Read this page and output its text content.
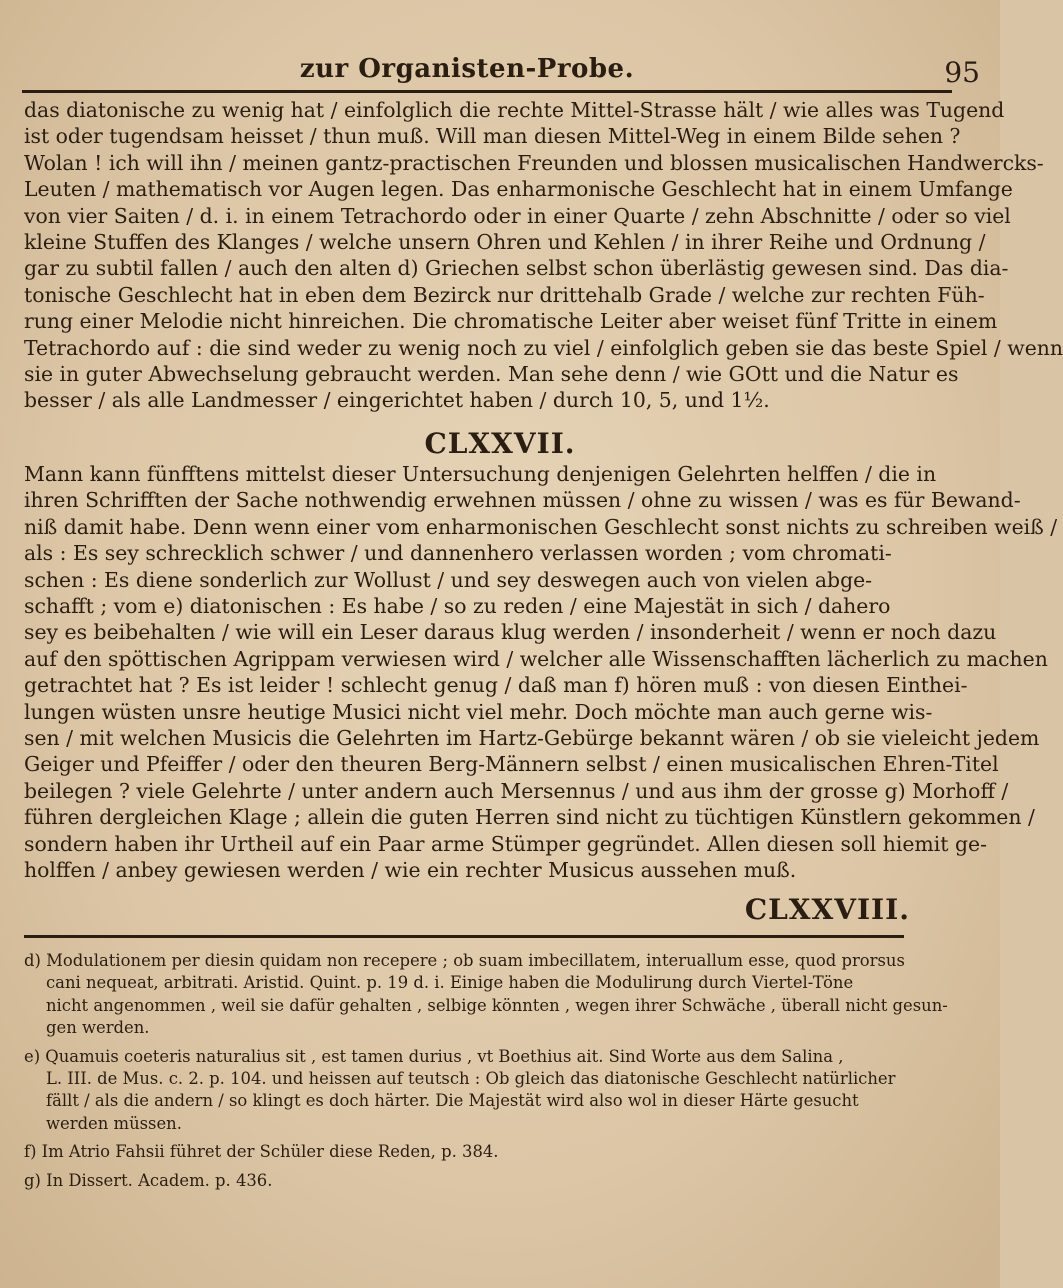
zur Organisten-Probe.	95
das diatonische zu wenig hat / einfolglich die rechte Mittel-Strasse hält / wie alles was Tugend
ist oder tugendsam heisset / thun muß. Will man diesen Mittel-Weg in einem Bilde sehen ?
Wolan ! ich will ihn / meinen gantz-practischen Freunden und blossen musicalischen Handwercks-
Leuten / mathematisch vor Augen legen. Das enharmonische Geschlecht hat in einem Umfange
von vier Saiten / d. i. in einem Tetrachordo oder in einer Quarte / zehn Abschnitte / oder so viel
kleine Stuffen des Klanges / welche unsern Ohren und Kehlen / in ihrer Reihe und Ordnung /
gar zu subtil fallen / auch den alten d) Griechen selbst schon überlästig gewesen sind. Das dia-
tonische Geschlecht hat in eben dem Bezirck nur drittehalb Grade / welche zur rechten Füh-
rung einer Melodie nicht hinreichen. Die chromatische Leiter aber weiset fünf Tritte in einem
Tetrachordo auf : die sind weder zu wenig noch zu viel / einfolglich geben sie das beste Spiel / wenn
sie in guter Abwechselung gebraucht werden. Man sehe denn / wie GOtt und die Natur es
besser / als alle Landmesser / eingerichtet haben / durch 10, 5, und 1½.
CLXXVII.
Mann kann fünfftens mittelst dieser Untersuchung denjenigen Gelehrten helffen / die in
ihren Schrifften der Sache nothwendig erwehnen müssen / ohne zu wissen / was es für Bewand-
niß damit habe. Denn wenn einer vom enharmonischen Geschlecht sonst nichts zu schreiben weiß /
als : Es sey schrecklich schwer / und dannenhero verlassen worden ; vom chromati-
schen : Es diene sonderlich zur Wollust / und sey deswegen auch von vielen abge-
schafft ; vom e) diatonischen : Es habe / so zu reden / eine Majestät in sich / dahero
sey es beibehalten / wie will ein Leser daraus klug werden / insonderheit / wenn er noch dazu
auf den spöttischen Agrippam verwiesen wird / welcher alle Wissenschafften lächerlich zu machen
getrachtet hat ? Es ist leider ! schlecht genug / daß man f) hören muß : von diesen Einthei-
lungen wüsten unsre heutige Musici nicht viel mehr. Doch möchte man auch gerne wis-
sen / mit welchen Musicis die Gelehrten im Hartz-Gebürge bekannt wären / ob sie vieleicht jedem
Geiger und Pfeiffer / oder den theuren Berg-Männern selbst / einen musicalischen Ehren-Titel
beilegen ? viele Gelehrte / unter andern auch Mersennus / und aus ihm der grosse g) Morhoff /
führen dergleichen Klage ; allein die guten Herren sind nicht zu tüchtigen Künstlern gekommen /
sondern haben ihr Urtheil auf ein Paar arme Stümper gegründet. Allen diesen soll hiemit ge-
holffen / anbey gewiesen werden / wie ein rechter Musicus aussehen muß.
CLXXVIII.
d) Modulationem per diesin quidam non recepere ; ob suam imbecillatem, interuallum esse, quod prorsus
cani nequeat, arbitrati. Aristid. Quint. p. 19 d. i. Einige haben die Modulirung durch Viertel-Töne
nicht angenommen , weil sie dafür gehalten , selbige könnten , wegen ihrer Schwäche , überall nicht gesun-
gen werden.
e) Quamuis coeteris naturalius sit , est tamen durius , vt Boethius ait. Sind Worte aus dem Salina ,
L. III. de Mus. c. 2. p. 104. und heissen auf teutsch : Ob gleich das diatonische Geschlecht natürlicher
fällt / als die andern / so klingt es doch härter. Die Majestät wird also wol in dieser Härte gesucht
werden müssen.
f) Im Atrio Fahsii führet der Schüler diese Reden, p. 384.
g) In Dissert. Academ. p. 436.
